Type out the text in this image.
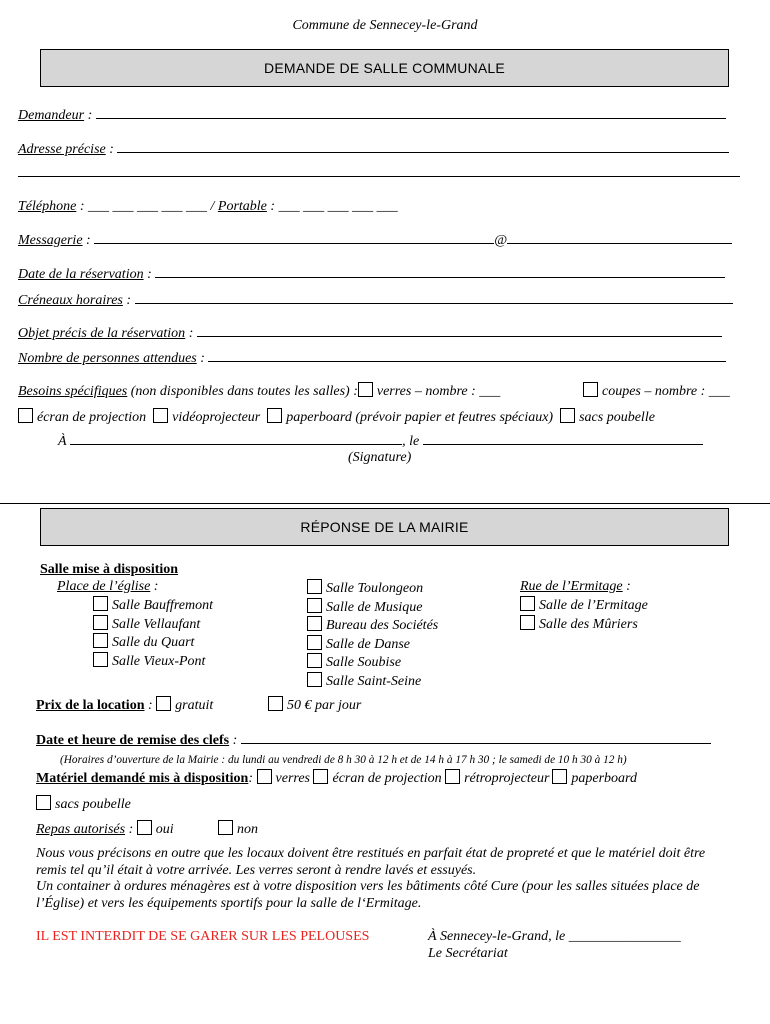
Commune de Sennecey-le-Grand
DEMANDE DE SALLE COMMUNALE
Demandeur :
Adresse précise :
Téléphone : ___ ___ ___ ___ ___ / Portable : ___ ___ ___ ___ ___
Messagerie :	@
Date de la réservation :
Créneaux horaires :
Objet précis de la réservation :
Nombre de personnes attendues :
Besoins spécifiques (non disponibles dans toutes les salles) : verres – nombre : ___	coupes – nombre : ___
écran de projection vidéoprojecteur paperboard (prévoir papier et feutres spéciaux) sacs poubelle
À	, le
(Signature)
RÉPONSE DE LA MAIRIE
Salle mise à disposition
Place de l’église :
Salle Bauffremont
Salle Vellaufant
Salle du Quart
Salle Vieux-Pont
Salle Toulongeon
Salle de Musique
Bureau des Sociétés
Salle de Danse
Salle Soubise
Salle Saint-Seine
Rue de l’Ermitage :
Salle de l’Ermitage
Salle des Mûriers
Prix de la location : gratuit	50 € par jour
Date et heure de remise des clefs :
(Horaires d’ouverture de la Mairie : du lundi au vendredi de 8 h 30 à 12 h et de 14 h à 17 h 30 ; le samedi de 10 h 30 à 12 h)
Matériel demandé mis à disposition: verres écran de projection rétroprojecteur paperboard
sacs poubelle
Repas autorisés : oui	non
Nous vous précisons en outre que les locaux doivent être restitués en parfait état de propreté et que le matériel doit être remis tel qu’il était à votre arrivée. Les verres seront à rendre lavés et essuyés.
Un container à ordures ménagères est à votre disposition vers les bâtiments côté Cure (pour les salles situées place de l’Église) et vers les équipements sportifs pour la salle de l‘Ermitage.
IL EST INTERDIT DE SE GARER SUR LES PELOUSES	À Sennecey-le-Grand, le ________________
Le Secrétariat
